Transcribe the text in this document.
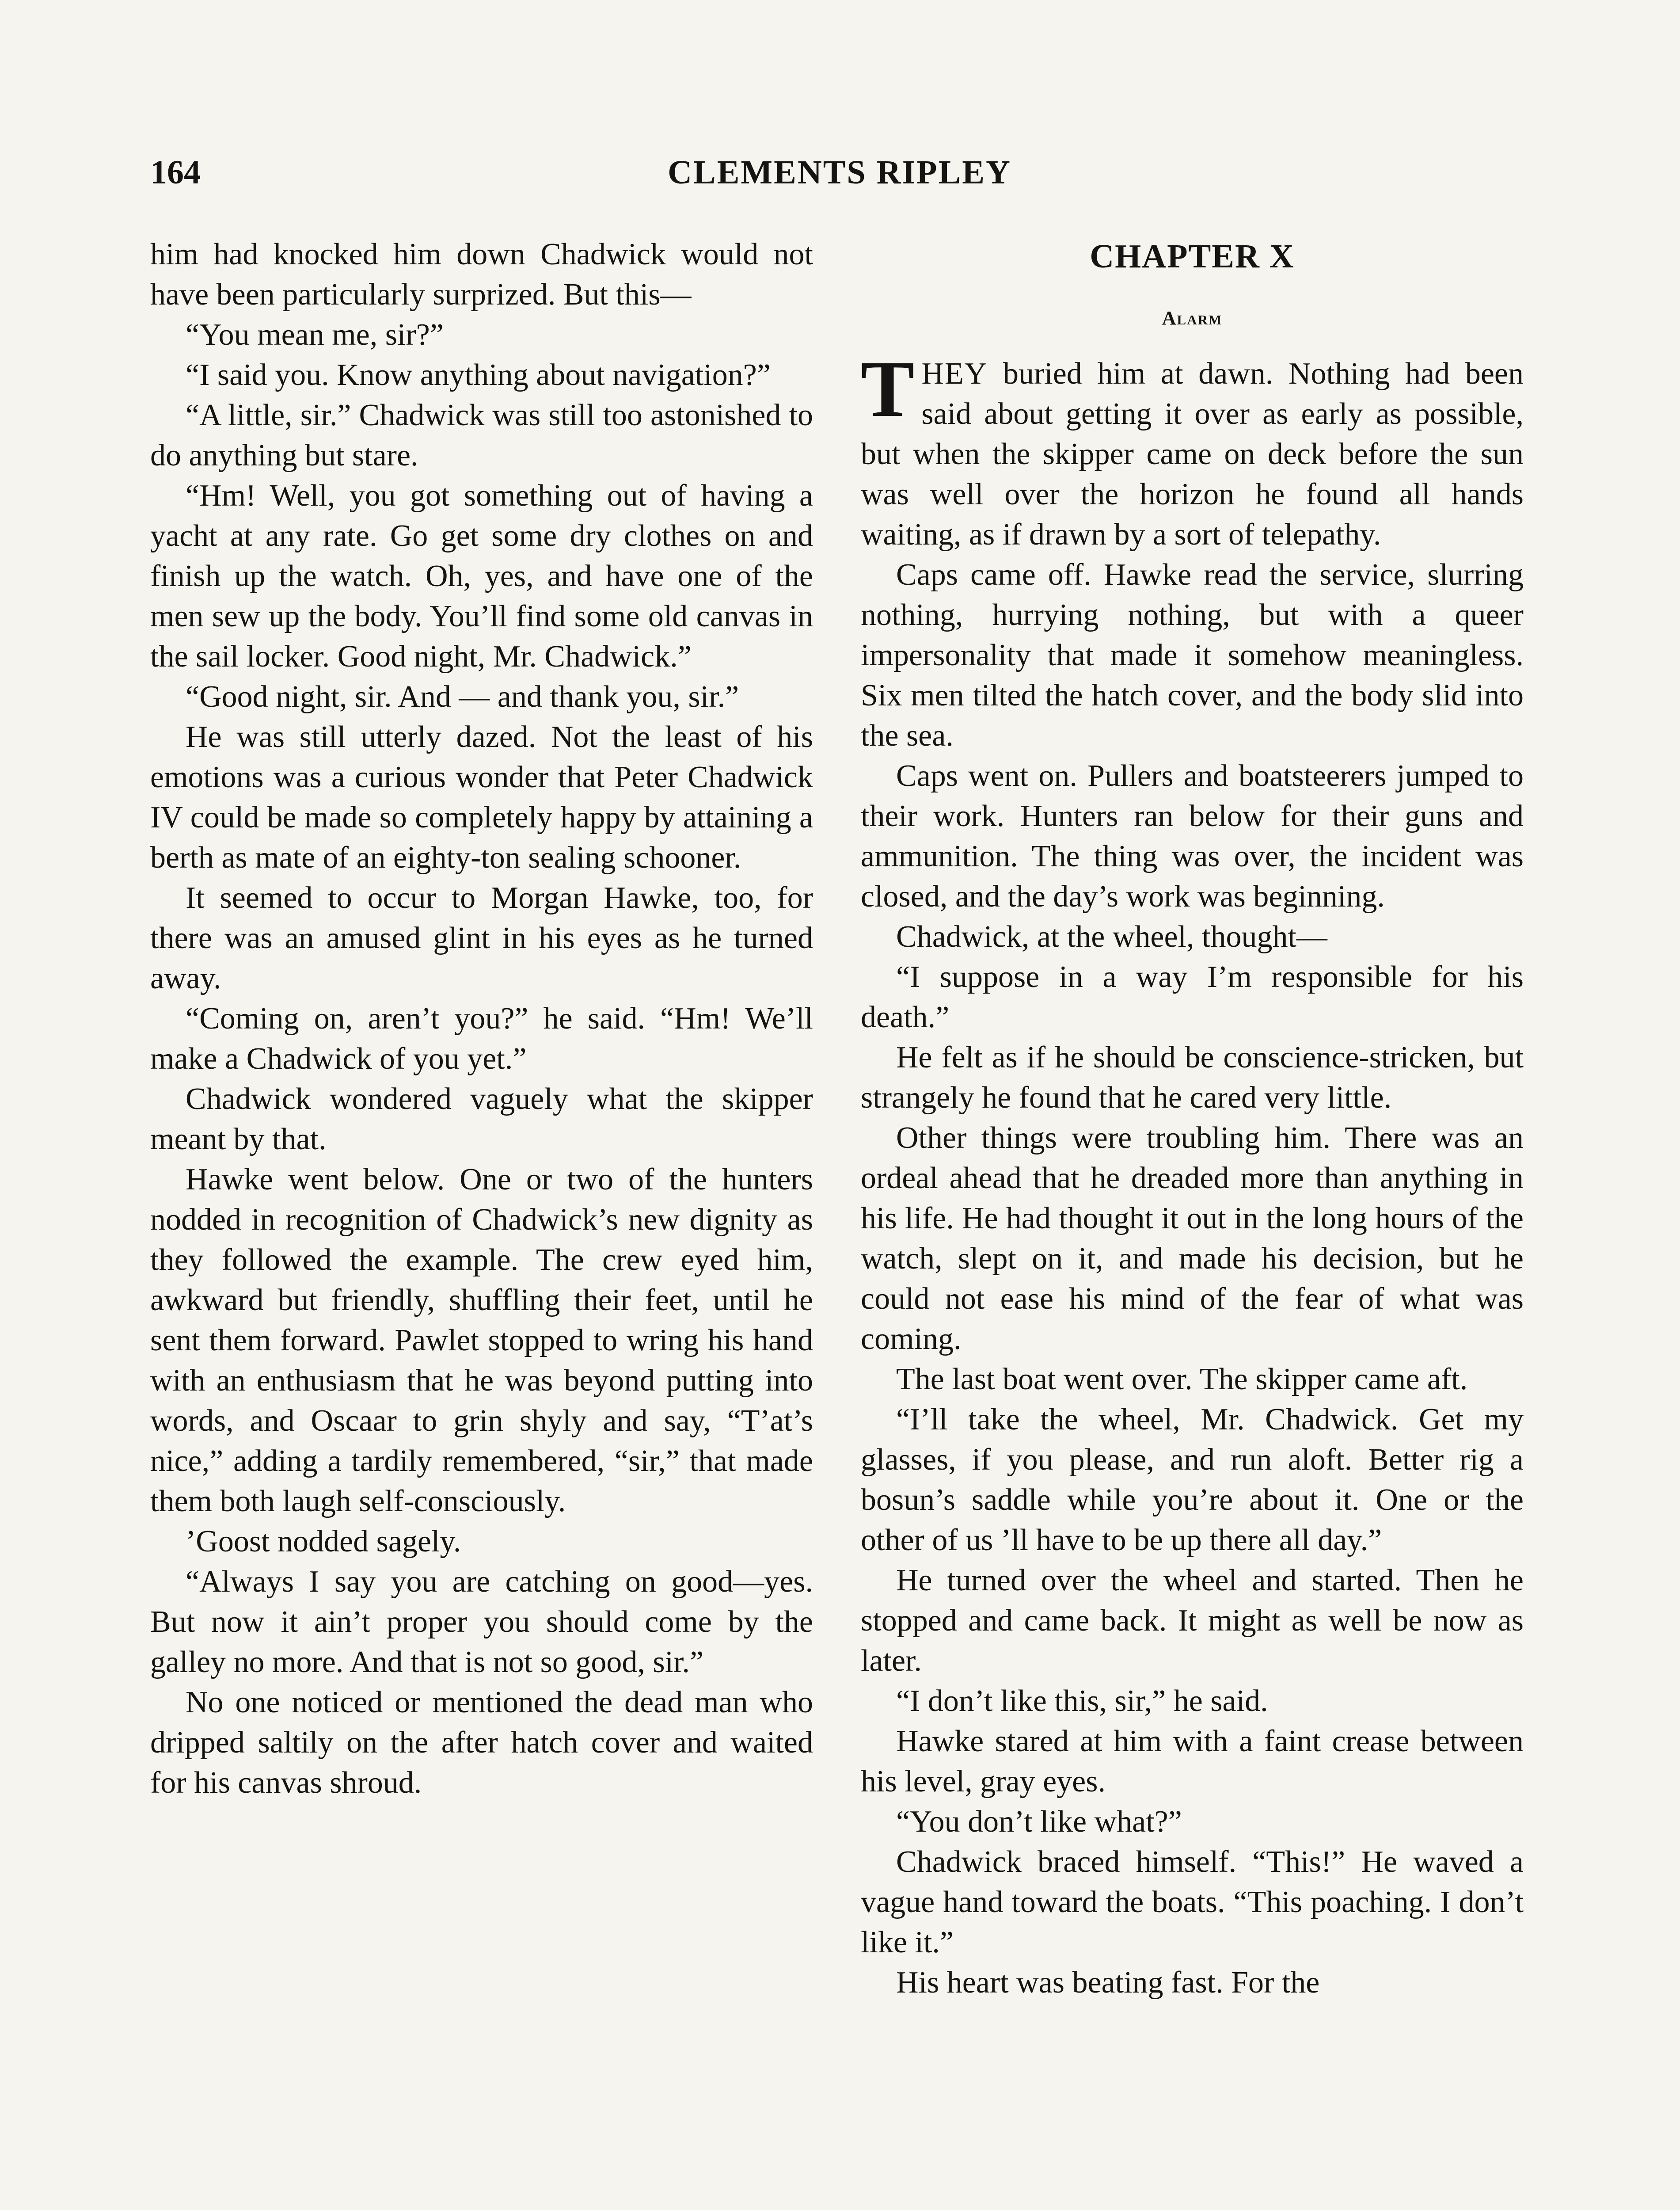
164	CLEMENTS RIPLEY

him had knocked him down Chadwick would not have been particularly surprized. But this—

“You mean me, sir?”

“I said you. Know anything about navigation?”

“A little, sir.” Chadwick was still too astonished to do anything but stare.

“Hm! Well, you got something out of having a yacht at any rate. Go get some dry clothes on and finish up the watch. Oh, yes, and have one of the men sew up the body. You’ll find some old canvas in the sail locker. Good night, Mr. Chadwick.”

“Good night, sir. And — and thank you, sir.”

He was still utterly dazed. Not the least of his emotions was a curious wonder that Peter Chadwick IV could be made so completely happy by attaining a berth as mate of an eighty-ton sealing schooner.

It seemed to occur to Morgan Hawke, too, for there was an amused glint in his eyes as he turned away.

“Coming on, aren’t you?” he said. “Hm! We’ll make a Chadwick of you yet.”

Chadwick wondered vaguely what the skipper meant by that.

Hawke went below. One or two of the hunters nodded in recognition of Chadwick’s new dignity as they followed the example. The crew eyed him, awkward but friendly, shuffling their feet, until he sent them forward. Pawlet stopped to wring his hand with an enthusiasm that he was beyond putting into words, and Oscaar to grin shyly and say, “T’at’s nice,” adding a tardily remembered, “sir,” that made them both laugh self-consciously.

’Goost nodded sagely.

“Always I say you are catching on good—yes. But now it ain’t proper you should come by the galley no more. And that is not so good, sir.”

No one noticed or mentioned the dead man who dripped saltily on the after hatch cover and waited for his canvas shroud.

CHAPTER X
Alarm

THEY buried him at dawn. Nothing had been said about getting it over as early as possible, but when the skipper came on deck before the sun was well over the horizon he found all hands waiting, as if drawn by a sort of telepathy.

Caps came off. Hawke read the service, slurring nothing, hurrying nothing, but with a queer impersonality that made it somehow meaningless. Six men tilted the hatch cover, and the body slid into the sea.

Caps went on. Pullers and boatsteerers jumped to their work. Hunters ran below for their guns and ammunition. The thing was over, the incident was closed, and the day’s work was beginning.

Chadwick, at the wheel, thought—

“I suppose in a way I’m responsible for his death.”

He felt as if he should be conscience-stricken, but strangely he found that he cared very little.

Other things were troubling him. There was an ordeal ahead that he dreaded more than anything in his life. He had thought it out in the long hours of the watch, slept on it, and made his decision, but he could not ease his mind of the fear of what was coming.

The last boat went over. The skipper came aft.

“I’ll take the wheel, Mr. Chadwick. Get my glasses, if you please, and run aloft. Better rig a bosun’s saddle while you’re about it. One or the other of us ’ll have to be up there all day.”

He turned over the wheel and started. Then he stopped and came back. It might as well be now as later.

“I don’t like this, sir,” he said.

Hawke stared at him with a faint crease between his level, gray eyes.

“You don’t like what?”

Chadwick braced himself. “This!” He waved a vague hand toward the boats. “This poaching. I don’t like it.”

His heart was beating fast. For the
